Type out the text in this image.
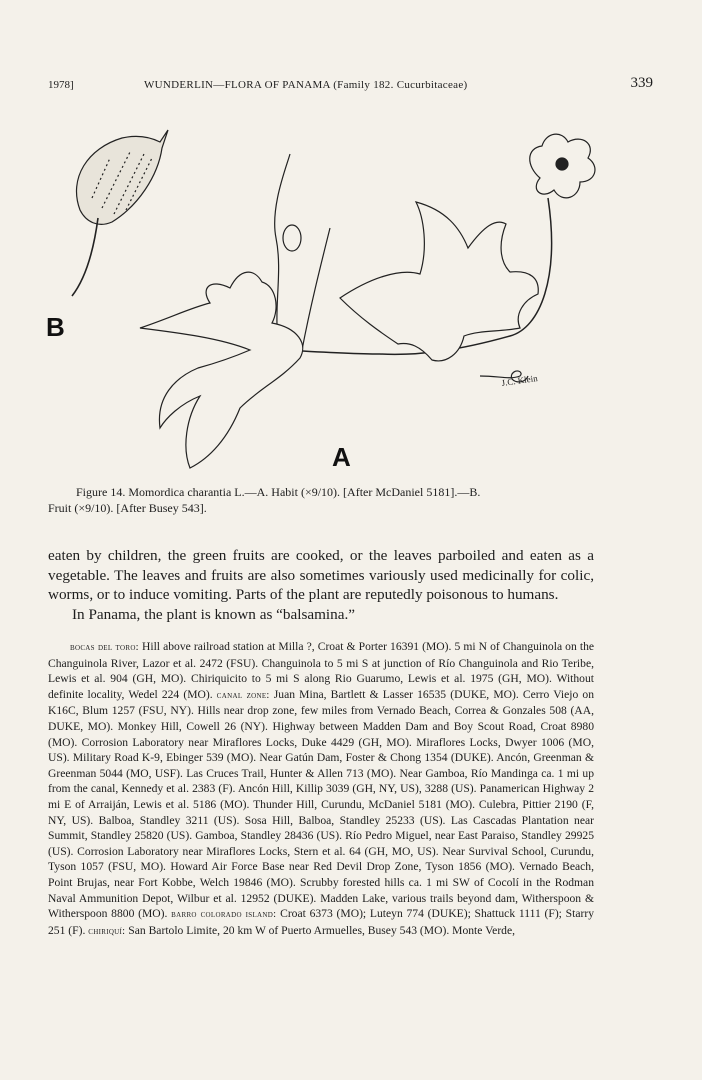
1978]	WUNDERLIN—FLORA OF PANAMA (Family 182. Cucurbitaceae)	339
B
A
J.C. Klein
Figure 14. Momordica charantia L.—A. Habit (×9/10). [After McDaniel 5181].—B.
Fruit (×9/10). [After Busey 543].

eaten by children, the green fruits are cooked, or the leaves parboiled and eaten as a vegetable. The leaves and fruits are also sometimes variously used medicinally for colic, worms, or to induce vomiting. Parts of the plant are reputedly poisonous to humans.

In Panama, the plant is known as “balsamina.”

bocas del toro: Hill above railroad station at Milla ?, Croat & Porter 16391 (MO). 5 mi N of Changuinola on the Changuinola River, Lazor et al. 2472 (FSU). Changuinola to 5 mi S at junction of Río Changuinola and Rio Teribe, Lewis et al. 904 (GH, MO). Chiriquicito to 5 mi S along Rio Guarumo, Lewis et al. 1975 (GH, MO). Without definite locality, Wedel 224 (MO). canal zone: Juan Mina, Bartlett & Lasser 16535 (DUKE, MO). Cerro Viejo on K16C, Blum 1257 (FSU, NY). Hills near drop zone, few miles from Vernado Beach, Correa & Gonzales 508 (AA, DUKE, MO). Monkey Hill, Cowell 26 (NY). Highway between Madden Dam and Boy Scout Road, Croat 8980 (MO). Corrosion Laboratory near Miraflores Locks, Duke 4429 (GH, MO). Miraflores Locks, Dwyer 1006 (MO, US). Military Road K-9, Ebinger 539 (MO). Near Gatún Dam, Foster & Chong 1354 (DUKE). Ancón, Greenman & Greenman 5044 (MO, USF). Las Cruces Trail, Hunter & Allen 713 (MO). Near Gamboa, Río Mandinga ca. 1 mi up from the canal, Kennedy et al. 2383 (F). Ancón Hill, Killip 3039 (GH, NY, US), 3288 (US). Panamerican Highway 2 mi E of Arraiján, Lewis et al. 5186 (MO). Thunder Hill, Curundu, McDaniel 5181 (MO). Culebra, Pittier 2190 (F, NY, US). Balboa, Standley 3211 (US). Sosa Hill, Balboa, Standley 25233 (US). Las Cascadas Plantation near Summit, Standley 25820 (US). Gamboa, Standley 28436 (US). Río Pedro Miguel, near East Paraiso, Standley 29925 (US). Corrosion Laboratory near Miraflores Locks, Stern et al. 64 (GH, MO, US). Near Survival School, Curundu, Tyson 1057 (FSU, MO). Howard Air Force Base near Red Devil Drop Zone, Tyson 1856 (MO). Vernado Beach, Point Brujas, near Fort Kobbe, Welch 19846 (MO). Scrubby forested hills ca. 1 mi SW of Cocolí in the Rodman Naval Ammunition Depot, Wilbur et al. 12952 (DUKE). Madden Lake, various trails beyond dam, Witherspoon & Witherspoon 8800 (MO). barro colorado island: Croat 6373 (MO); Luteyn 774 (DUKE); Shattuck 1111 (F); Starry 251 (F). chiriquí: San Bartolo Limite, 20 km W of Puerto Armuelles, Busey 543 (MO). Monte Verde,
